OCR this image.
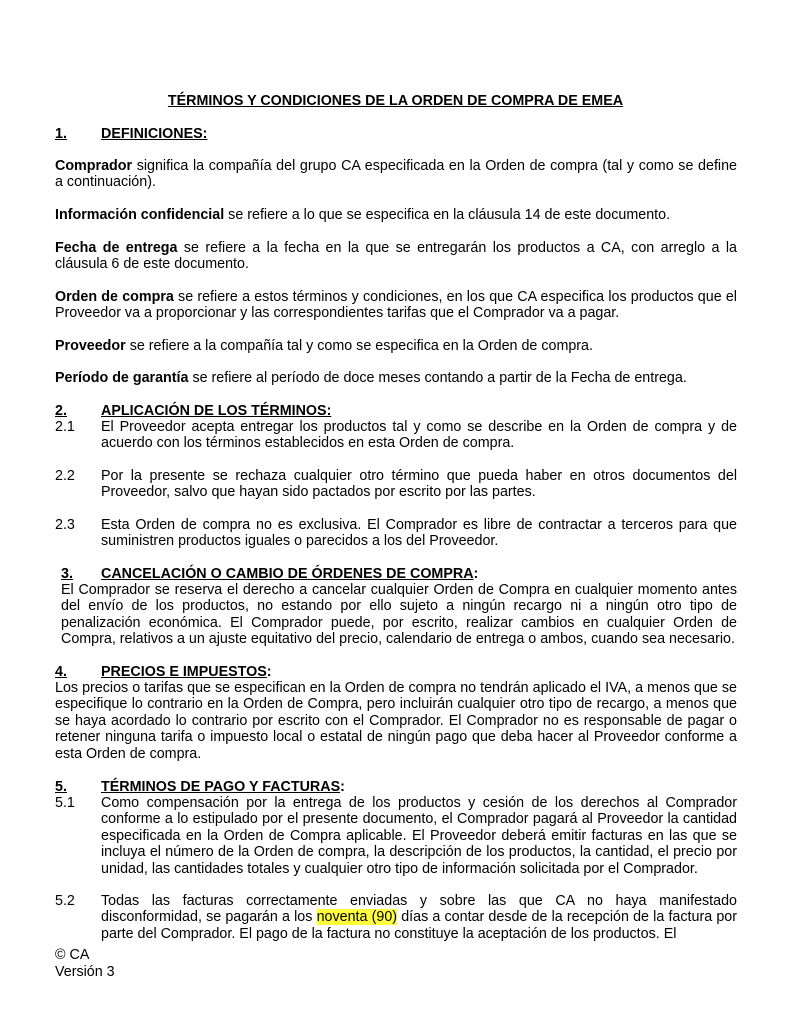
TÉRMINOS Y CONDICIONES DE LA ORDEN DE COMPRA DE EMEA
1. DEFINICIONES:
Comprador significa la compañía del grupo CA especificada en la Orden de compra (tal y como se define a continuación).
Información confidencial se refiere a lo que se especifica en la cláusula 14 de este documento.
Fecha de entrega se refiere a la fecha en la que se entregarán los productos a CA, con arreglo a la cláusula 6 de este documento.
Orden de compra se refiere a estos términos y condiciones, en los que CA especifica los productos que el Proveedor va a proporcionar y las correspondientes tarifas que el Comprador va a pagar.
Proveedor se refiere a la compañía tal y como se especifica en la Orden de compra.
Período de garantía se refiere al período de doce meses contando a partir de la Fecha de entrega.
2. APLICACIÓN DE LOS TÉRMINOS:
2.1 El Proveedor acepta entregar los productos tal y como se describe en la Orden de compra y de acuerdo con los términos establecidos en esta Orden de compra.
2.2 Por la presente se rechaza cualquier otro término que pueda haber en otros documentos del Proveedor, salvo que hayan sido pactados por escrito por las partes.
2.3 Esta Orden de compra no es exclusiva. El Comprador es libre de contractar a terceros para que suministren productos iguales o parecidos a los del Proveedor.
3. CANCELACIÓN O CAMBIO DE ÓRDENES DE COMPRA:
El Comprador se reserva el derecho a cancelar cualquier Orden de Compra en cualquier momento antes del envío de los productos, no estando por ello sujeto a ningún recargo ni a ningún otro tipo de penalización económica. El Comprador puede, por escrito, realizar cambios en cualquier Orden de Compra, relativos a un ajuste equitativo del precio, calendario de entrega o ambos, cuando sea necesario.
4. PRECIOS E IMPUESTOS:
Los precios o tarifas que se especifican en la Orden de compra no tendrán aplicado el IVA, a menos que se especifique lo contrario en la Orden de Compra, pero incluirán cualquier otro tipo de recargo, a menos que se haya acordado lo contrario por escrito con el Comprador. El Comprador no es responsable de pagar o retener ninguna tarifa o impuesto local o estatal de ningún pago que deba hacer al Proveedor conforme a esta Orden de compra.
5. TÉRMINOS DE PAGO Y FACTURAS:
5.1 Como compensación por la entrega de los productos y cesión de los derechos al Comprador conforme a lo estipulado por el presente documento, el Comprador pagará al Proveedor la cantidad especificada en la Orden de Compra aplicable. El Proveedor deberá emitir facturas en las que se incluya el número de la Orden de compra, la descripción de los productos, la cantidad, el precio por unidad, las cantidades totales y cualquier otro tipo de información solicitada por el Comprador.
5.2 Todas las facturas correctamente enviadas y sobre las que CA no haya manifestado disconformidad, se pagarán a los noventa (90) días a contar desde de la recepción de la factura por parte del Comprador. El pago de la factura no constituye la aceptación de los productos. El
© CA
Versión 3
